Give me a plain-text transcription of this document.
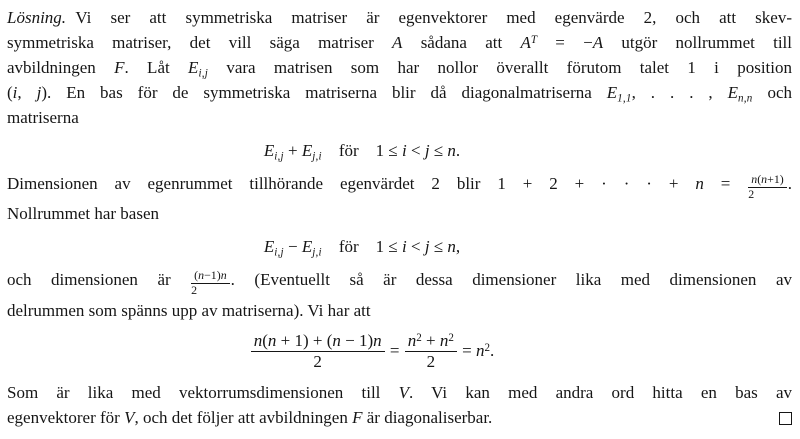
Lösning. Vi ser att symmetriska matriser är egenvektorer med egenvärde 2, och att skev-
symmetriska matriser, det vill säga matriser A sådana att $A^T = -A$ utgör nollrummet till
avbildningen F. Låt $E_{i,j}$ vara matrisen som har nollor överallt förutom talet 1 i position
(i, j). En bas för de symmetriska matriserna blir då diagonalmatriserna $E_{1,1}$, . . . , $E_{n,n}$ och
matriserna
$E_{i,j} + E_{j,i}$ för 1 ≤ i < j ≤ n.
Dimensionen av egenrummet tillhörande egenvärdet 2 blir 1 + 2 + · · · + $n = \frac{n(n+1)}{2}$ .
Nollrummet har basen
$E_{i,j} - E_{j,i}$ för 1 ≤ i < j ≤ n,
och dimensionen är $\frac{(n-1)n}{2}$ . (Eventuellt så är dessa dimensioner lika med dimensionen av
delrummen som spänns upp av matriserna). Vi har att
$\frac{n(n + 1) + (n - 1)n}{2} = \frac{n^2 + n^2}{2} = n^2$.
Som är lika med vektorrumsdimensionen till V. Vi kan med andra ord hitta en bas av
egenvektorer för V, och det följer att avbildningen F är diagonaliserbar.
